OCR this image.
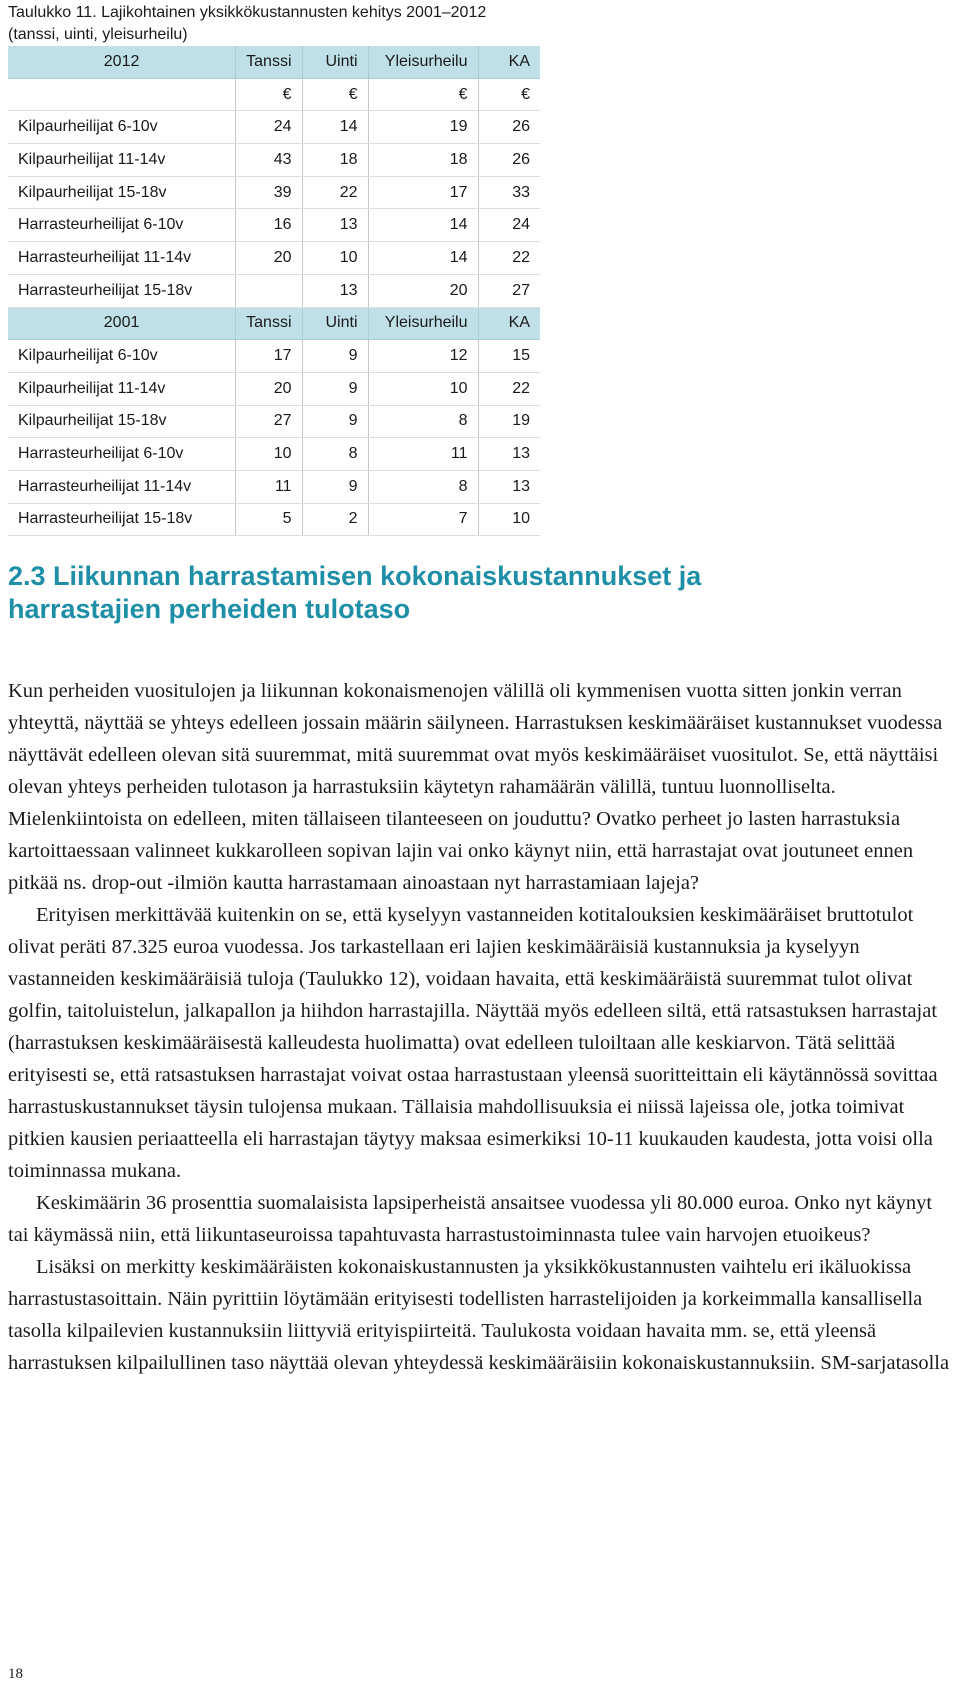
Taulukko 11. Lajikohtainen yksikkökustannusten kehitys 2001–2012
(tanssi, uinti, yleisurheilu)
2012	Tanssi	Uinti	Yleisurheilu	KA
	€	€	€	€
Kilpaurheilijat 6-10v	24	14	19	26
Kilpaurheilijat 11-14v	43	18	18	26
Kilpaurheilijat 15-18v	39	22	17	33
Harrasteurheilijat 6-10v	16	13	14	24
Harrasteurheilijat 11-14v	20	10	14	22
Harrasteurheilijat 15-18v		13	20	27
2001	Tanssi	Uinti	Yleisurheilu	KA
Kilpaurheilijat 6-10v	17	9	12	15
Kilpaurheilijat 11-14v	20	9	10	22
Kilpaurheilijat 15-18v	27	9	8	19
Harrasteurheilijat 6-10v	10	8	11	13
Harrasteurheilijat 11-14v	11	9	8	13
Harrasteurheilijat 15-18v	5	2	7	10
2.3 Liikunnan harrastamisen kokonaiskustannukset ja
harrastajien perheiden tulotaso

Kun perheiden vuositulojen ja liikunnan kokonaismenojen välillä oli kymmenisen vuotta sitten jonkin verran yhteyttä, näyttää se yhteys edelleen jossain määrin säilyneen. Harrastuksen keskimääräiset kustannukset vuodessa näyttävät edelleen olevan sitä suuremmat, mitä suuremmat ovat myös keskimääräiset vuositulot. Se, että näyttäisi olevan yhteys perheiden tulotason ja harrastuksiin käytetyn rahamäärän välillä, tuntuu luonnolliselta. Mielenkiintoista on edelleen, miten tällaiseen tilanteeseen on jouduttu? Ovatko perheet jo lasten harrastuksia kartoittaessaan valinneet kukkarolleen sopivan lajin vai onko käynyt niin, että harrastajat ovat joutuneet ennen pitkää ns. drop-out -ilmiön kautta harrastamaan ainoastaan nyt harrastamiaan lajeja?

Erityisen merkittävää kuitenkin on se, että kyselyyn vastanneiden kotitalouksien keskimääräiset bruttotulot olivat peräti 87.325 euroa vuodessa. Jos tarkastellaan eri lajien keskimääräisiä kustannuksia ja kyselyyn vastanneiden keskimääräisiä tuloja (Taulukko 12), voidaan havaita, että keskimääräistä suuremmat tulot olivat golfin, taitoluistelun, jalkapallon ja hiihdon harrastajilla. Näyttää myös edelleen siltä, että ratsastuksen harrastajat (harrastuksen keskimääräisestä kalleudesta huolimatta) ovat edelleen tuloiltaan alle keskiarvon. Tätä selittää erityisesti se, että ratsastuksen harrastajat voivat ostaa harrastustaan yleensä suoritteittain eli käytännössä sovittaa harrastuskustannukset täysin tulojensa mukaan. Tällaisia mahdollisuuksia ei niissä lajeissa ole, jotka toimivat pitkien kausien periaatteella eli harrastajan täytyy maksaa esimerkiksi 10-11 kuukauden kaudesta, jotta voisi olla toiminnassa mukana.

Keskimäärin 36 prosenttia suomalaisista lapsiperheistä ansaitsee vuodessa yli 80.000 euroa. Onko nyt käynyt tai käymässä niin, että liikuntaseuroissa tapahtuvasta harrastustoiminnasta tulee vain harvojen etuoikeus?

Lisäksi on merkitty keskimääräisten kokonaiskustannusten ja yksikkökustannusten vaihtelu eri ikäluokissa harrastustasoittain. Näin pyrittiin löytämään erityisesti todellisten harrastelijoiden ja korkeimmalla kansallisella tasolla kilpailevien kustannuksiin liittyviä erityispiirteitä. Taulukosta voidaan havaita mm. se, että yleensä harrastuksen kilpailullinen taso näyttää olevan yhteydessä keskimääräisiin kokonaiskustannuksiin. SM-sarjatasolla

18
